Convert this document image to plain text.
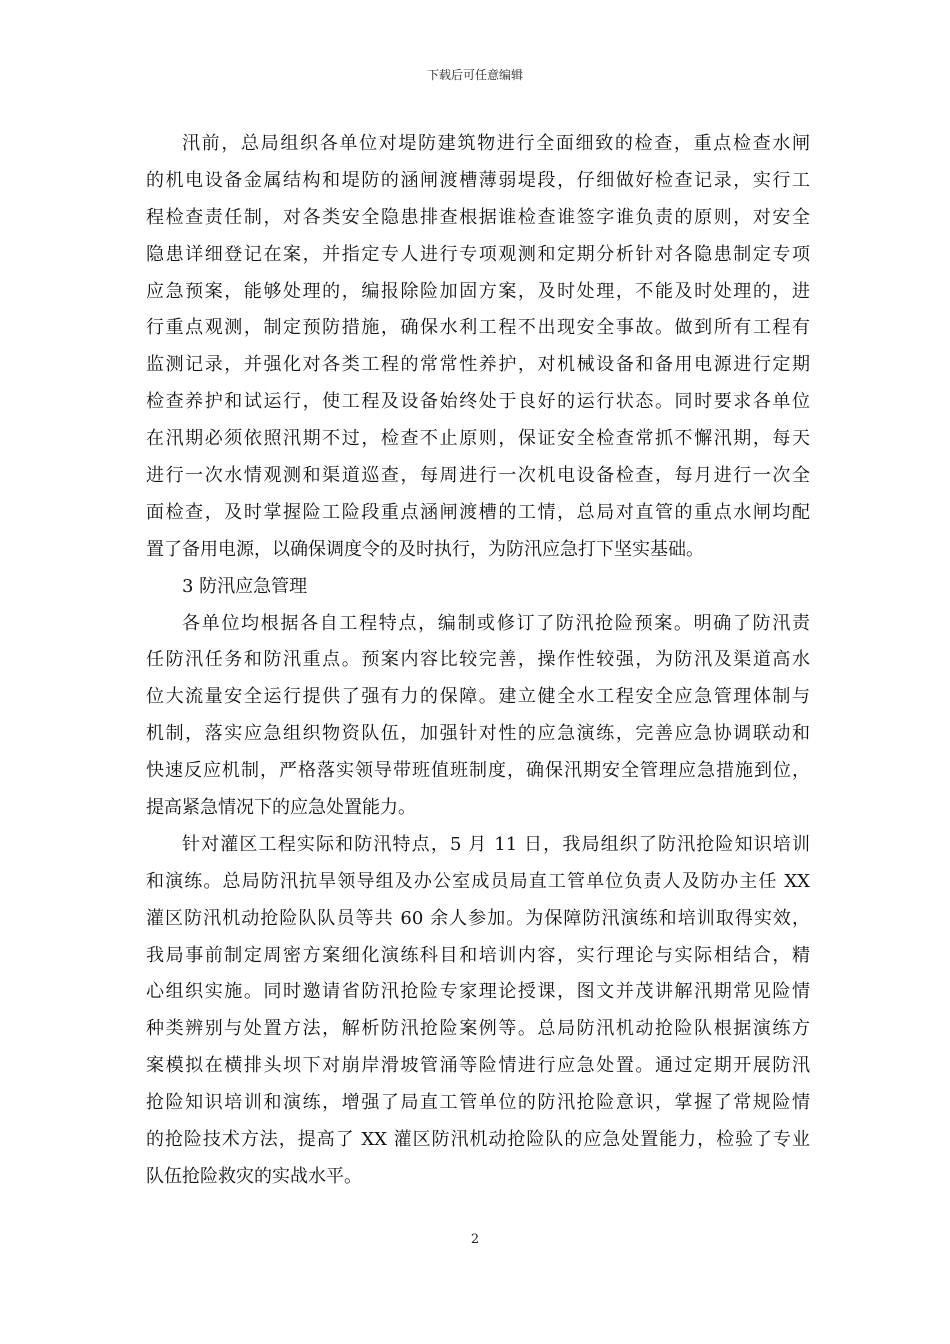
下载后可任意编辑
汛前，总局组织各单位对堤防建筑物进行全面细致的检查，重点检查水闸
的机电设备金属结构和堤防的涵闸渡槽薄弱堤段，仔细做好检查记录，实行工
程检查责任制，对各类安全隐患排查根据谁检查谁签字谁负责的原则，对安全
隐患详细登记在案，并指定专人进行专项观测和定期分析针对各隐患制定专项
应急预案，能够处理的，编报除险加固方案，及时处理，不能及时处理的，进
行重点观测，制定预防措施，确保水利工程不出现安全事故。做到所有工程有
监测记录，并强化对各类工程的常常性养护，对机械设备和备用电源进行定期
检查养护和试运行，使工程及设备始终处于良好的运行状态。同时要求各单位
在汛期必须依照汛期不过，检查不止原则，保证安全检查常抓不懈汛期，每天
进行一次水情观测和渠道巡查，每周进行一次机电设备检查，每月进行一次全
面检查，及时掌握险工险段重点涵闸渡槽的工情，总局对直管的重点水闸均配
置了备用电源，以确保调度令的及时执行，为防汛应急打下坚实基础。
3 防汛应急管理
各单位均根据各自工程特点，编制或修订了防汛抢险预案。明确了防汛责
任防汛任务和防汛重点。预案内容比较完善，操作性较强，为防汛及渠道高水
位大流量安全运行提供了强有力的保障。建立健全水工程安全应急管理体制与
机制，落实应急组织物资队伍，加强针对性的应急演练，完善应急协调联动和
快速反应机制，严格落实领导带班值班制度，确保汛期安全管理应急措施到位，
提高紧急情况下的应急处置能力。
针对灌区工程实际和防汛特点，5 月 11 日，我局组织了防汛抢险知识培训
和演练。总局防汛抗旱领导组及办公室成员局直工管单位负责人及防办主任 XX
灌区防汛机动抢险队队员等共 60 余人参加。为保障防汛演练和培训取得实效，
我局事前制定周密方案细化演练科目和培训内容，实行理论与实际相结合，精
心组织实施。同时邀请省防汛抢险专家理论授课，图文并茂讲解汛期常见险情
种类辨别与处置方法，解析防汛抢险案例等。总局防汛机动抢险队根据演练方
案模拟在横排头坝下对崩岸滑坡管涌等险情进行应急处置。通过定期开展防汛
抢险知识培训和演练，增强了局直工管单位的防汛抢险意识，掌握了常规险情
的抢险技术方法，提高了 XX 灌区防汛机动抢险队的应急处置能力，检验了专业
队伍抢险救灾的实战水平。
2
